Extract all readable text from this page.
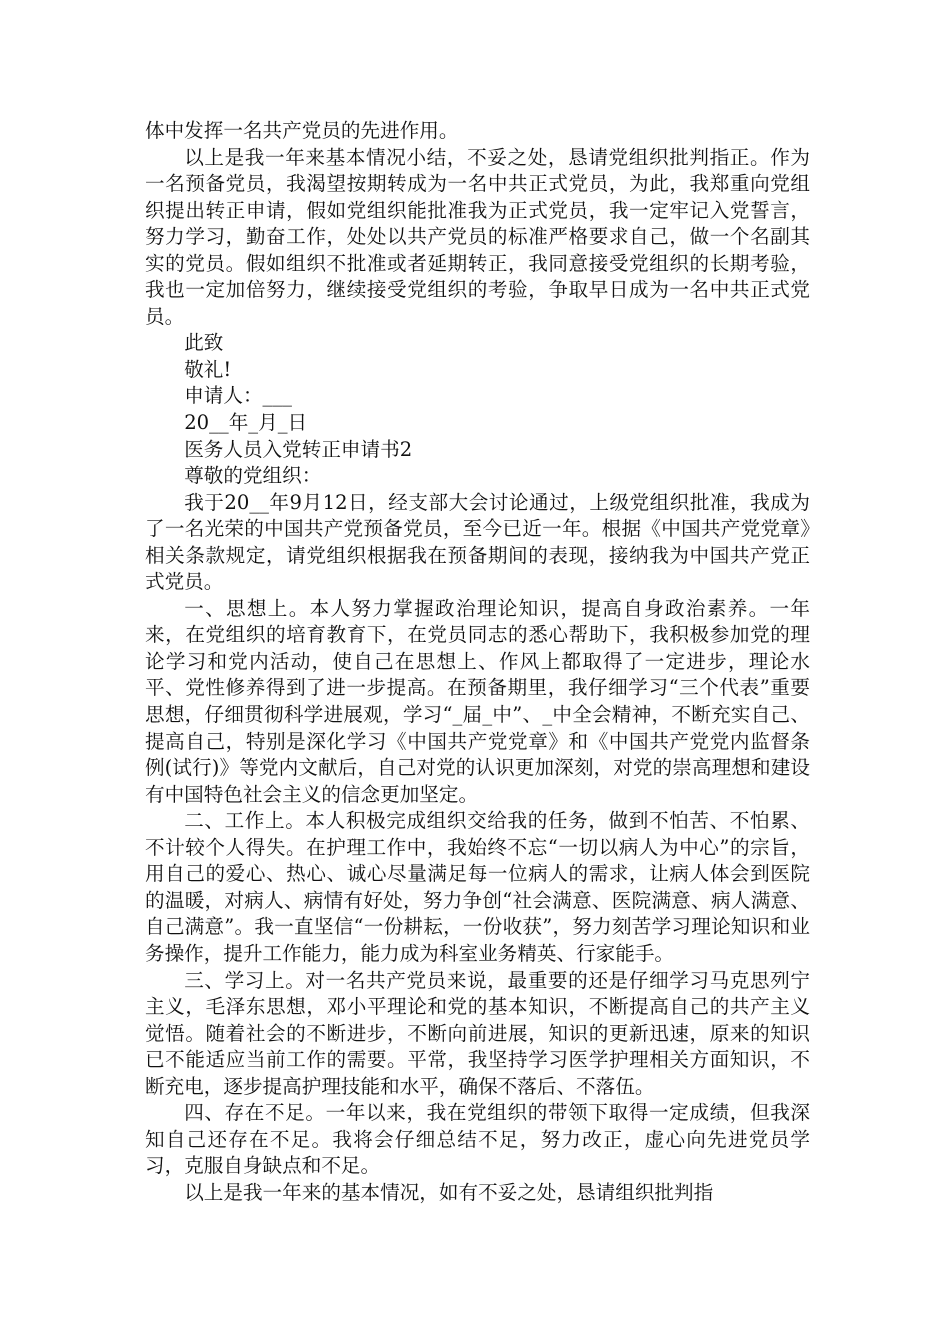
体中发挥一名共产党员的先进作用。

以上是我一年来基本情况小结，不妥之处，恳请党组织批判指正。作为一名预备党员，我渴望按期转成为一名中共正式党员，为此，我郑重向党组织提出转正申请，假如党组织能批准我为正式党员，我一定牢记入党誓言，努力学习，勤奋工作，处处以共产党员的标准严格要求自己，做一个名副其实的党员。假如组织不批准或者延期转正，我同意接受党组织的长期考验，我也一定加倍努力，继续接受党组织的考验，争取早日成为一名中共正式党员。

此致

敬礼!

申请人：___

20__年_月_日

医务人员入党转正申请书2

尊敬的党组织：

我于20__年9月12日，经支部大会讨论通过，上级党组织批准，我成为了一名光荣的中国共产党预备党员，至今已近一年。根据《中国共产党党章》相关条款规定，请党组织根据我在预备期间的表现，接纳我为中国共产党正式党员。

一、思想上。本人努力掌握政治理论知识，提高自身政治素养。一年来，在党组织的培育教育下，在党员同志的悉心帮助下，我积极参加党的理论学习和党内活动，使自己在思想上、作风上都取得了一定进步，理论水平、党性修养得到了进一步提高。在预备期里，我仔细学习“三个代表”重要思想，仔细贯彻科学进展观，学习“_届_中”、_中全会精神，不断充实自己、提高自己，特别是深化学习《中国共产党党章》和《中国共产党党内监督条例(试行)》等党内文献后，自己对党的认识更加深刻，对党的崇高理想和建设有中国特色社会主义的信念更加坚定。

二、工作上。本人积极完成组织交给我的任务，做到不怕苦、不怕累、不计较个人得失。在护理工作中，我始终不忘“一切以病人为中心”的宗旨，用自己的爱心、热心、诚心尽量满足每一位病人的需求，让病人体会到医院的温暖，对病人、病情有好处，努力争创“社会满意、医院满意、病人满意、自己满意”。我一直坚信“一份耕耘，一份收获”，努力刻苦学习理论知识和业务操作，提升工作能力，能力成为科室业务精英、行家能手。

三、学习上。对一名共产党员来说，最重要的还是仔细学习马克思列宁主义，毛泽东思想，邓小平理论和党的基本知识，不断提高自己的共产主义觉悟。随着社会的不断进步，不断向前进展，知识的更新迅速，原来的知识已不能适应当前工作的需要。平常，我坚持学习医学护理相关方面知识，不断充电，逐步提高护理技能和水平，确保不落后、不落伍。

四、存在不足。一年以来，我在党组织的带领下取得一定成绩，但我深知自己还存在不足。我将会仔细总结不足，努力改正，虚心向先进党员学习，克服自身缺点和不足。

以上是我一年来的基本情况，如有不妥之处，恳请组织批判指
